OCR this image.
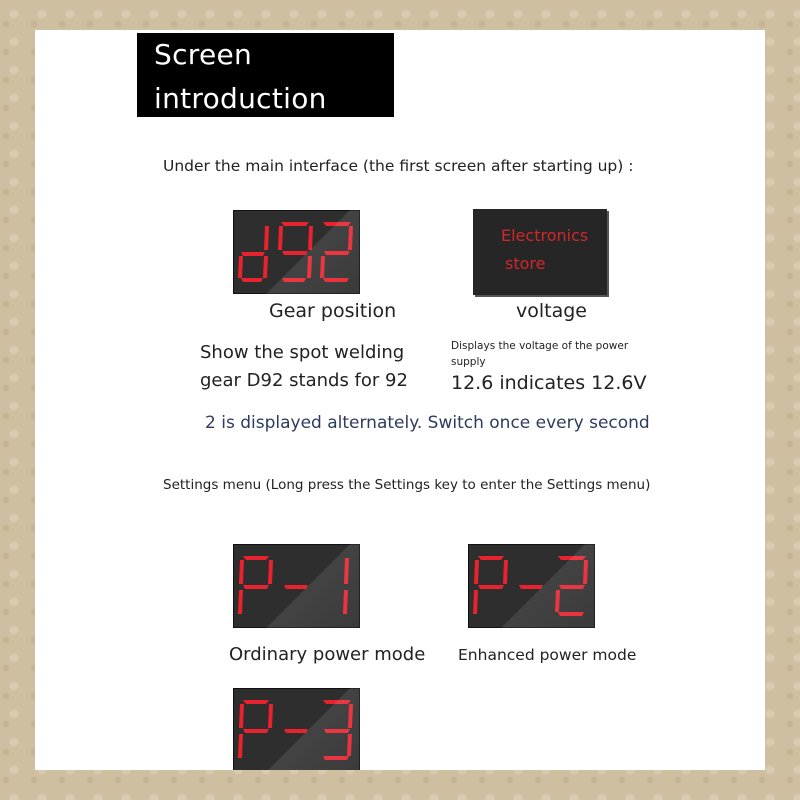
Screen
introduction
Under the main interface (the first screen after starting up) :
Electronics
store
Gear position	voltage
Show the spot welding
gear D92 stands for 92
Displays the voltage of the power
supply
12.6 indicates 12.6V
2 is displayed alternately. Switch once every second
Settings menu (Long press the Settings key to enter the Settings menu)
Ordinary power mode Enhanced power mode
